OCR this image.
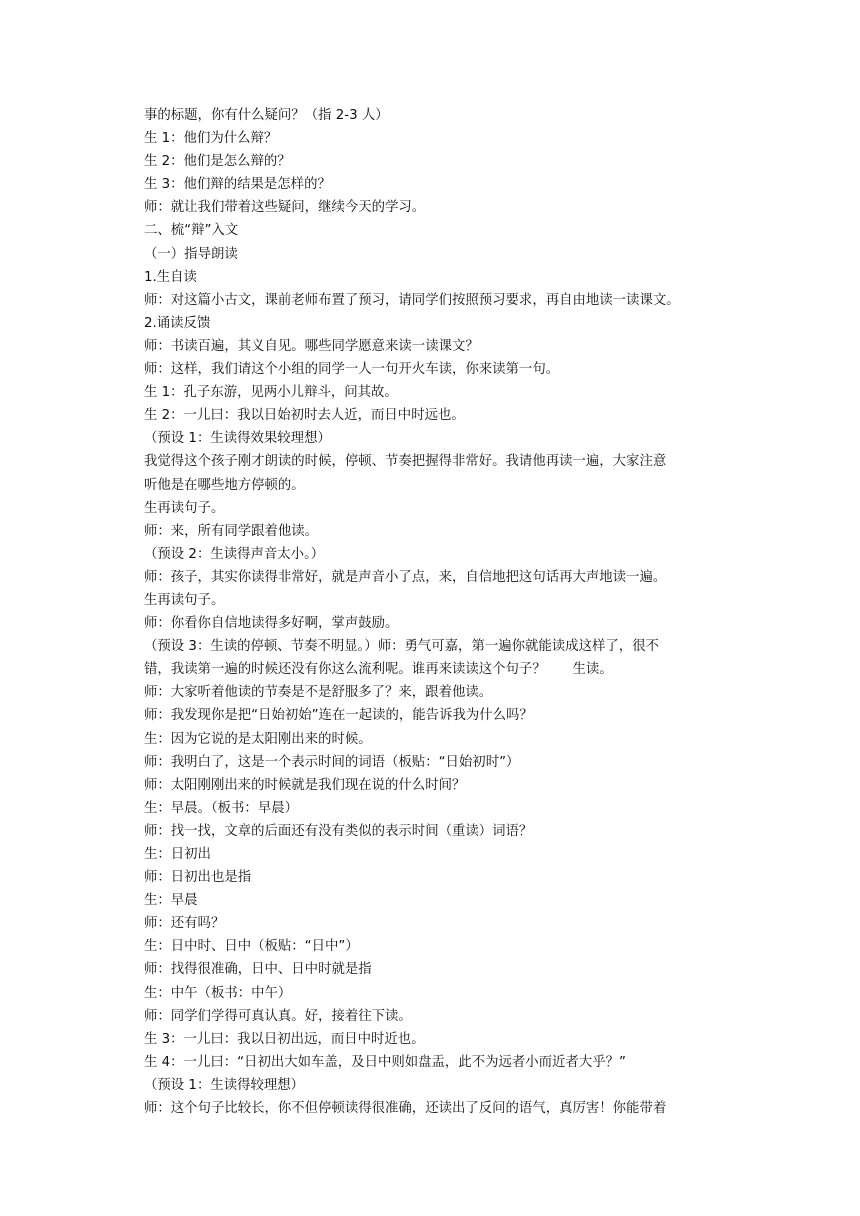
事的标题，你有什么疑问？（指 2-3 人）

生 1：他们为什么辩？

生 2：他们是怎么辩的？

生 3：他们辩的结果是怎样的？

师：就让我们带着这些疑问，继续今天的学习。

二、梳“辩”入文

（一）指导朗读

1.生自读

师：对这篇小古文，课前老师布置了预习，请同学们按照预习要求，再自由地读一读课文。

2.诵读反馈

师：书读百遍，其义自见。哪些同学愿意来读一读课文？

师：这样，我们请这个小组的同学一人一句开火车读，你来读第一句。

生 1：孔子东游，见两小儿辩斗，问其故。

生 2：一儿曰：我以日始初时去人近，而日中时远也。

（预设 1：生读得效果较理想）

我觉得这个孩子刚才朗读的时候，停顿、节奏把握得非常好。我请他再读一遍，大家注意

听他是在哪些地方停顿的。

生再读句子。

师：来，所有同学跟着他读。

（预设 2：生读得声音太小。）

师：孩子，其实你读得非常好，就是声音小了点，来，自信地把这句话再大声地读一遍。

生再读句子。

师：你看你自信地读得多好啊，掌声鼓励。

（预设 3：生读的停顿、节奏不明显。）师：勇气可嘉，第一遍你就能读成这样了，很不

错，我读第一遍的时候还没有你这么流利呢。谁再来读读这个句子？　　生读。

师：大家听着他读的节奏是不是舒服多了？来，跟着他读。

师：我发现你是把“日始初始”连在一起读的，能告诉我为什么吗？

生：因为它说的是太阳刚出来的时候。

师：我明白了，这是一个表示时间的词语（板贴：“日始初时”）

师：太阳刚刚出来的时候就是我们现在说的什么时间？

生：早晨。（板书：早晨）

师：找一找，文章的后面还有没有类似的表示时间（重读）词语？

生：日初出

师：日初出也是指

生：早晨

师：还有吗？

生：日中时、日中（板贴：“日中”）

师：找得很准确，日中、日中时就是指

生：中午（板书：中午）

师：同学们学得可真认真。好，接着往下读。

生 3：一儿曰：我以日初出远，而日中时近也。

生 4：一儿曰：“日初出大如车盖，及日中则如盘盂，此不为远者小而近者大乎？”

（预设 1：生读得较理想）

师：这个句子比较长，你不但停顿读得很准确，还读出了反问的语气，真厉害！你能带着
